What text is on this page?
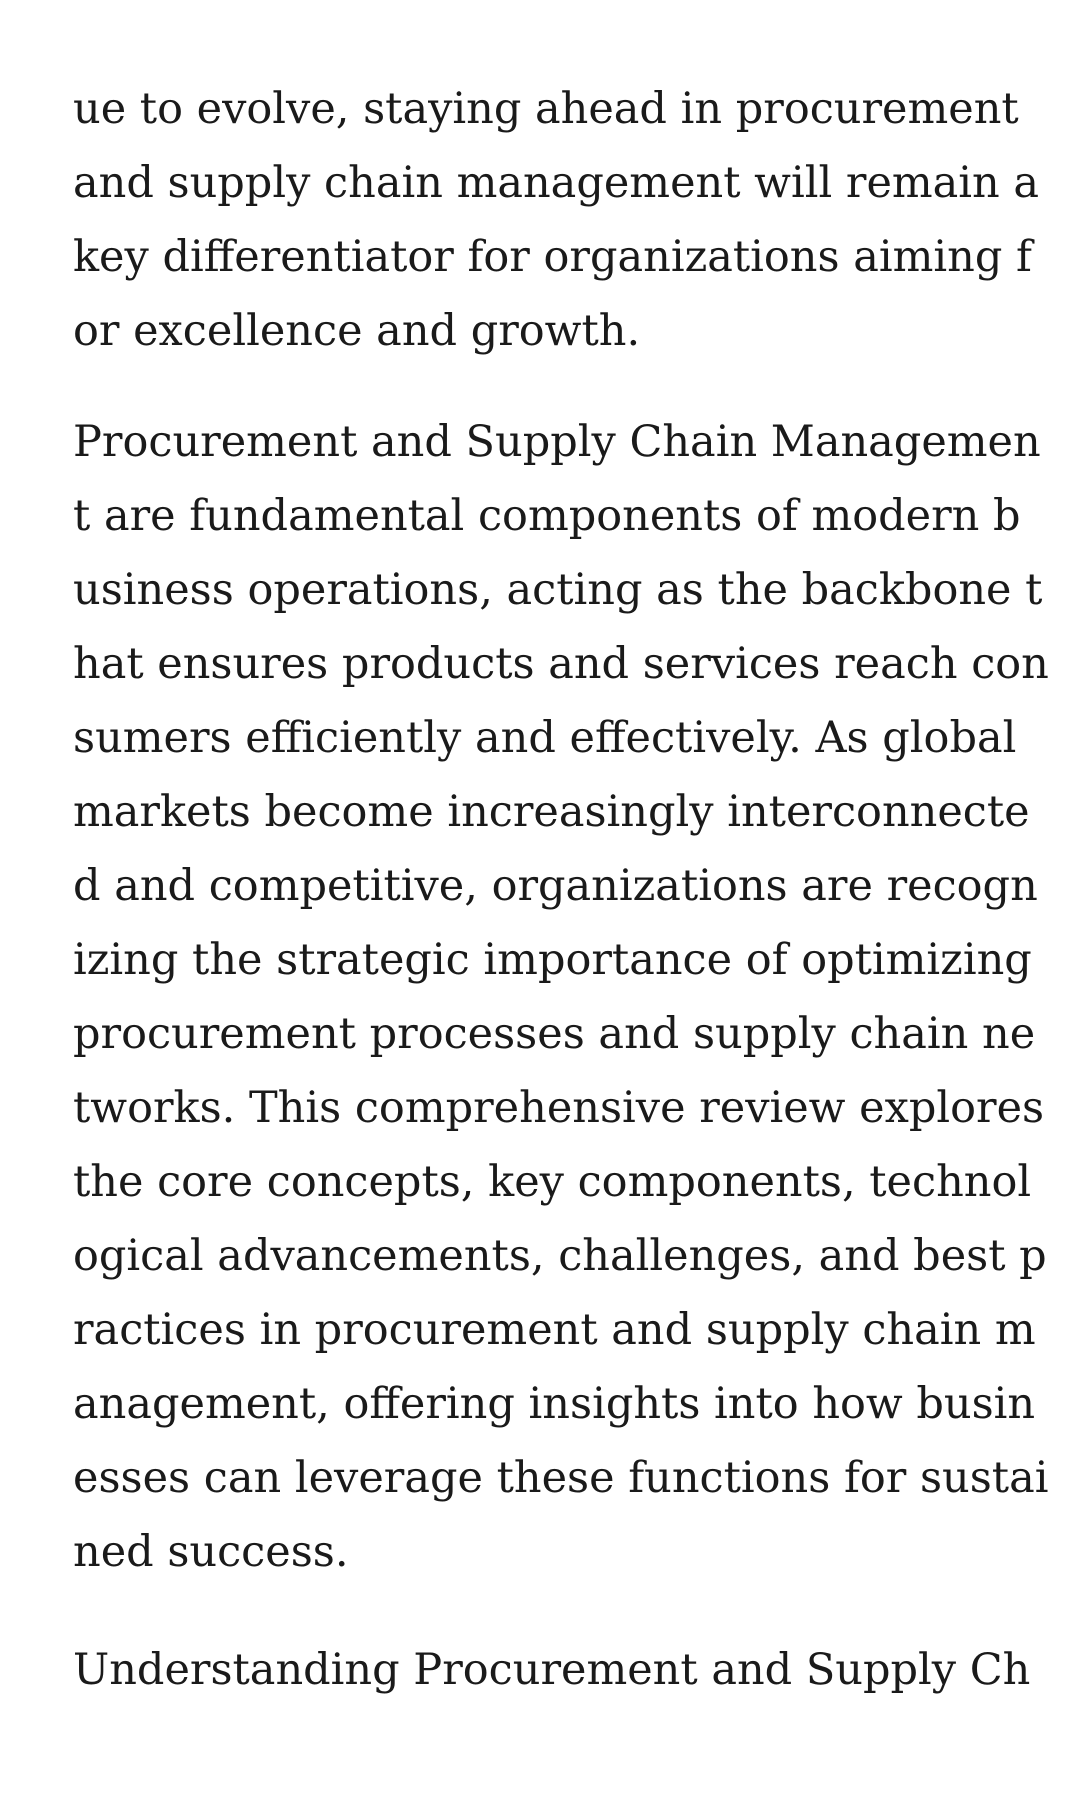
ue to evolve, staying ahead in procurement
and supply chain management will remain a
key differentiator for organizations aiming f
or excellence and growth.

Procurement and Supply Chain Managemen
t are fundamental components of modern b
usiness operations, acting as the backbone t
hat ensures products and services reach con
sumers efficiently and effectively. As global
markets become increasingly interconnecte
d and competitive, organizations are recogn
izing the strategic importance of optimizing
procurement processes and supply chain ne
tworks. This comprehensive review explores
the core concepts, key components, technol
ogical advancements, challenges, and best p
ractices in procurement and supply chain m
anagement, offering insights into how busin
esses can leverage these functions for sustai
ned success.

Understanding Procurement and Supply Ch
